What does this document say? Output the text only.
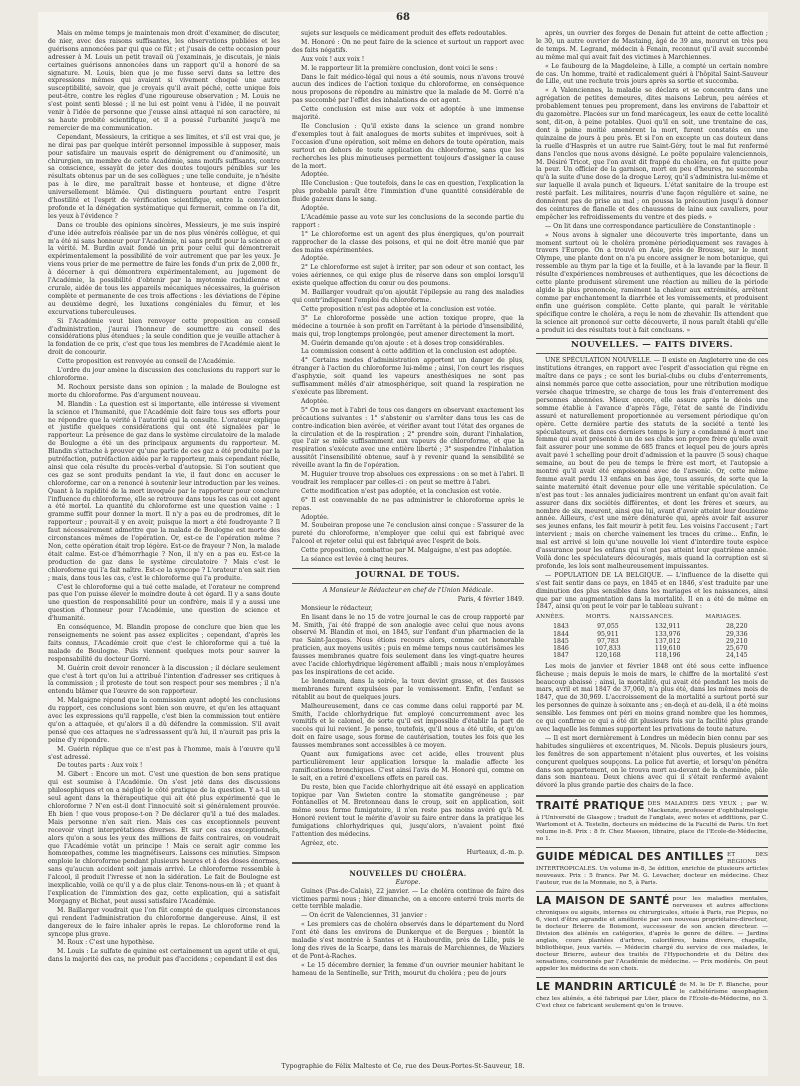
68

Mais en même temps je maintenais mon droit d'examiner, de discuter, de nier, avec des raisons suffisantes, les observations publiées et les guérisons annoncées par qui que ce fût ; et j'usais de cette occasion pour adresser à M. Louis un petit travail où j'examinais, je discutais, je niais certaines guérisons annoncées dans un rapport qu'il a honoré de sa signature. M. Louis, bien que je me fusse servi dans sa lettre des expressions mêmes qui avaient si vivement choqué une autre susceptibilité, savoir, que je croyais qu'il avait péché, cette unique fois peut-être, contre les règles d'une rigoureuse observation ; M. Louis ne s'est point senti blessé ; il ne lui est point venu à l'idée, il ne pouvait venir à l'idée de personne que j'eusse ainsi attaqué ni son caractère, ni sa haute probité scientifique, et il a poussé l'urbanité jusqu'à me remercier de ma communication.

Cependant, Messieurs, la critique a ses limites, et s'il est vrai que, je ne dirai pas par quelque intérêt personnel impossible à supposer, mais pour satisfaire un mauvais esprit de dénigrement ou d'animosité, un chirurgien, un membre de cette Académie, sans motifs suffisants, contre sa conscience, essayât de jeter des doutes toujours pénibles sur les résultats obtenus par un de ses collègues ; une telle conduite, je n'hésite pas à le dire, me paraîtrait basse et honteuse, et digne d'être universellement blâmée. Qui distinguera pourtant entre l'esprit d'hostilité et l'esprit de vérification scientifique, entre la conviction profonde et la dénégation systématique qui fermerait, comme on l'a dit, les yeux à l'évidence ?

Dans ce trouble des opinions sincères, Messieurs, je me suis inspiré d'une idée autrefois réalisée par un de nos plus vénérés collègue, et qui m'a été ni sans honneur pour l'Académie, ni sans profit pour la science et la vérité. M. Burdin avait fondé un prix pour celui qui démontrerait expérimentalement la possibilité de voir autrement que par les yeux. Je viens vous prier de me permettre de faire les fonds d'un prix de 2,000 fr., à décerner à qui démontrera expérimentalement, au jugement de l'Académie, la possibilité d'obtenir par la myotomie rachidienne et crurale, aidée de tous les appareils mécaniques nécessaires, la guérison complète et permanente de ces trois affections : les déviations de l'épine au deuxième degré, les luxations congéniales du fémur, et les excurvations tuberculeuses.

Si l'Académie veut bien renvoyer cette proposition au conseil d'administration, j'aurai l'honneur de soumettre au conseil des considérations plus étendues ; la seule condition que je veuille attacher à la fondation de ce prix, c'est que tous les membres de l'Académie aient le droit de concourir.

Cette proposition est renvoyée au conseil de l'Académie.

L'ordre du jour amène la discussion des conclusions du rapport sur le chloroforme.

M. Rochoux persiste dans son opinion ; la malade de Boulogne est morte du chloroforme. Pas d'argument nouveau.

M. Blandin : La question est si importante, elle intéresse si vivement la science et l'humanité, que l'Académie doit faire tous ses efforts pour ne répondre que la vérité à l'autorité qui la consulte. L'orateur explique et justifie quelques considérations qui ont été signalées par le rapporteur. La présence de gaz dans le système circulatoire de la malade de Boulogne a été un des principaux arguments du rapporteur. M. Blandin s'attache à prouver qu'une partie de ces gaz a été produite par la putréfaction, putréfaction aidée par le rapporteur, mais cependant réelle, ainsi que cela résulte du procès-verbal d'autopsie. Si l'on soutient que ces gaz se sont produits pendant la vie, il faut donc en accuser le chloroforme, car on a renoncé à soutenir leur introduction par les veines. Quant à la rapidité de la mort invoquée par le rapporteur pour conclure l'influence du chloroforme, elle se retrouve dans tous les cas où cet agent a été mortel. La quantité du chloroforme est une question vaine : 1 gramme suffit pour donner la mort. Il n'y a pas eu de prodromes, dit le rapporteur ; pouvait-il y en avoir, puisque la mort a été foudroyante ? Il faut nécessairement admettre que la malade de Boulogne est morte des circonstances mêmes de l'opération. Or, est-ce de l'opération même ? Non, cette opération était trop légère. Est-ce de frayeur ? Non, la malade était calme. Est-ce d'hémorrhagie ? Non, il n'y en a pas eu. Est-ce la production de gaz dans le système circulatoire ? Mais c'est le chloroforme qui l'a fait naître. Est-ce la syncope ? L'orateur n'en sait rien ; mais, dans tous les cas, c'est le chloroforme qui l'a produite.

C'est le chloroforme qui a tué cette malade, et l'orateur ne comprend pas que l'on puisse élever le moindre doute à cet égard. Il y a sans doute une question de responsabilité pour un confrère, mais il y a aussi une question d'honneur pour l'Académie, une question de science et d'humanité.

En conséquence, M. Blandin propose de conclure que bien que les renseignements ne soient pas assez explicites ; cependant, d'après les faits connus, l'Académie croit que c'est le chloroforme qui a tué la malade de Boulogne. Puis viennent quelques mots pour sauver la responsabilité du docteur Gorré.

M. Guérin croit devoir renoncer à la discussion ; il déclare seulement que c'est à tort qu'on lui a attribué l'intention d'adresser ses critiques à la commission ; il proteste de tout son respect pour ses membres ; il n'a entendu blâmer que l'œuvre de son rapporteur.

M. Malgaigne répond que la commission ayant adopté les conclusions du rapport, ces conclusions sont bien son œuvre, et qu'en les attaquant avec les expressions qu'il rappelle, c'est bien la commission tout entière qu'on a attaquée, et qu'alors il a dû défendre la commission. S'il avait pensé que ces attaques ne s'adressassent qu'à lui, il n'aurait pas pris la peine d'y répondre.

M. Guérin réplique que ce n'est pas à l'homme, mais à l'œuvre qu'il s'est adressé.

De toutes parts : Aux voix !

M. Gibert : Encore un mot. C'est une question de bon sens pratique qui est soumise à l'Académie. On s'est jeté dans des discussions philosophiques et on a négligé le côté pratique de la question. Y a-t-il un seul agent dans la thérapeutique qui ait été plus expérimenté que le chloroforme ? N'en est-il dont l'innocuité soit si généralement prouvée. Eh bien ! que vous propose-t-on ? De déclarer qu'il a tué des malades. Mais personne n'en sait rien. Mais ces cas exceptionnels peuvent recevoir vingt interprétations diverses. Et sur ces cas exceptionnels, alors qu'on a sous les yeux des millions de faits contraires, on voudrait que l'Académie votât un principe ! Mais ce serait agir comme les homœopathes, comme les magnétiseurs. Laissons ces minuties. Simpson emploie le chloroforme pendant plusieurs heures et à des doses énormes, sans qu'aucun accident soit jamais arrivé. Le chloroforme ressemble à l'alcool, il produit l'ivresse et non la sidération. Le fait de Boulogne est inexplicable, voilà ce qu'il y a de plus clair. Tenons-nous-en là ; et quant à l'explication de l'immixtion des gaz, cette explication, qui a satisfait Morgagny et Bichat, peut aussi satisfaire l'Académie.

M. Baillarger voudrait que l'on fût compté de quelques circonstances qui rendent l'administration du chloroforme dangereuse. Ainsi, il est dangereux de le faire inhaler après le repas. Le chloroforme rend la syncope plus grave.

M. Roux : C'est une hypothèse.

M. Louis : Le sulfate de quinine est certainement un agent utile et qui, dans la majorité des cas, ne produit pas d'accidens ; cependant il est des

sujets sur lesquels ce médicament produit des effets redoutables.

M. Honoré : On ne peut faire de la science et surtout un rapport avec des faits négatifs.

Aux voix ! aux voix !

M. le rapporteur lit la première conclusion, dont voici le sens :

Dans le fait médico-légal qui nous a été soumis, nous n'avons trouvé aucun des indices de l'action toxique du chloroforme, en conséquence nous proposons de répondre au ministre que la malade de M. Gorré n'a pas succombé par l'effet des inhalations de cet agent.

Cette conclusion est mise aux voix et adoptée à une immense majorité.

IIe Conclusion : Qu'il existe dans la science un grand nombre d'exemples tout à fait analogues de morts subites et imprévues, soit à l'occasion d'une opération, soit même en dehors de toute opération, mais surtout en dehors de toute application du chloroforme, sans que les recherches les plus minutieuses permettent toujours d'assigner la cause de la mort.

Adoptée.

IIIe Conclusion : Que toutefois, dans le cas en question, l'explication la plus probable paraît être l'immixtion d'une quantité considérable de fluide gazeux dans le sang.

Adoptée.

L'Académie passe au vote sur les conclusions de la seconde partie du rapport :

1° Le chloroforme est un agent des plus énergiques, qu'on pourrait rapprocher de la classe des poisons, et qui ne doit être manié que par des mains expérimentées.

Adoptée.

2° Le chloroforme est sujet à irriter, par son odeur et son contact, les voies aériennes, ce qui exige plus de réserve dans son emploi lorsqu'il existe quelque affection du cœur ou des poumons.

M. Baillarger voudrait qu'on ajoutât l'épilepsie au rang des maladies qui contr'indiquent l'emploi du chloroforme.

Cette proposition n'est pas adoptée et la conclusion est votée.

3° Le chloroforme possède une action toxique propre, que la médecine a tournée à son profit en l'arrêtant à la période d'insensibilité, mais qui, trop longtemps prolongée, peut amener directement la mort.

M. Guérin demande qu'on ajoute : et à doses trop considérables.

La commission consent à cette addition et la conclusion est adoptée.

4° Certains modes d'administration apportent un danger de plus, étranger à l'action du chloroforme lui-même ; ainsi, l'on court les risques d'asphyxie, soit quand les vapeurs anesthésiques ne sont pas suffisamment mêlés d'air atmosphérique, soit quand la respiration ne s'exécute pas librement.

Adoptée.

5° On se met à l'abri de tous ces dangers en observant exactement les précautions suivantes : 1° s'abstenir ou s'arrêter dans tous les cas de contre-indication bien avérée, et vérifier avant tout l'état des organes de la circulation et de la respiration ; 2° prendre soin, durant l'inhalation, que l'air se mêle suffisamment aux vapeurs de chloroforme, et que la respiration s'exécute avec une entière liberté ; 3° suspendre l'inhalation aussitôt l'insensibilité obtenue, sauf à y revenir quand la sensibilité se réveille avant la fin de l'opération.

M. Huguier trouve trop absolues ces expressions : on se met à l'abri. Il voudrait les remplacer par celles-ci : on peut se mettre à l'abri.

Cette modification n'est pas adoptée, et la conclusion est votée.

6° Il est convenable de ne pas administrer le chloroforme après le repas.

Adoptée.

M. Soubeiran propose une 7e conclusion ainsi conçue : S'assurer de la pureté du chloroforme, n'employer que celui qui est fabriqué avec l'alcool et rejeter celui qui est fabriqué avec l'esprit de bois.

Cette proposition, combattue par M. Malgaigne, n'est pas adoptée.

La séance est levée à cinq heures.

JOURNAL DE TOUS.

A Monsieur le Rédacteur en chef de l'Union Médicale.

Paris, 4 février 1849.

Monsieur le rédacteur,

En lisant dans le no 15 de votre journal le cas de croup rapporté par M. Smith, j'ai été frappé de son analogie avec celui que nous avons observé M. Blandin et moi, en 1845, sur l'enfant d'un pharmacien de la rue Saint-Jacques. Nous étions recours alors, comme cet honorable praticien, aux moyens usités ; puis en même temps nous cautérisâmes les fausses membranes quatre fois seulement dans les vingt-quatre heures avec l'acide chlorhydrique légèrement affaibli ; mais nous n'employâmes pas les inspirations de cet acide.

Le lendemain, dans la soirée, la toux devint grasse, et des fausses membranes furent expulsées par le vomissement. Enfin, l'enfant se rétablit au bout de quelques jours.

Malheureusement, dans ce cas comme dans celui rapporté par M. Smith, l'acide chlorhydrique fut employé concurremment avec les vomitifs et le calomel, de sorte qu'il est impossible d'établir la part de succès qui lui revient. Je pense, toutefois, qu'il nous a été utile, et qu'on doit en faire usage, sous forme de cautérisation, toutes les fois que les fausses membranes sont accessibles à ce moyen.

Quant aux fumigations avec cet acide, elles trouvent plus particulièrement leur application lorsque la maladie affecte les ramifications bronchiques. C'est ainsi l'avis de M. Honoré qui, comme on le sait, en a retiré d'excellens effets en pareil cas.

Du reste, bien que l'acide chlorhydrique ait été essayé en application topique par Van Swieten contre la stomatite gangréneuse ; par Fontanelles et M. Bretonneau dans le croup, soit en application, soit même sous forme fumigatoire, il n'en reste pas moins avéré qu'à M. Honoré revient tout le mérite d'avoir su faire entrer dans la pratique les fumigations chlorhydriques qui, jusqu'alors, n'avaient point fixé l'attention des médecins.

Agréez, etc.

Hurteaux, d.-m. p.

NOUVELLES DU CHOLÉRA.

Europe.

Guines (Pas-de-Calais), 22 janvier. — Le choléra continue de faire des victimes parmi nous ; hier dimanche, on a encore enterré trois morts de cette terrible maladie.

— On écrit de Valenciennes, 31 janvier :

« Les premiers cas de choléra observés dans le département du Nord l'ont été dans les environs de Dunkerque et de Bergues ; bientôt la maladie s'est montrée à Santes et à Haubourdin, près de Lille, puis le long des rives de la Scarpe, dans les marais de Marchiennes, de Waziers et de Pont-à-Raches.

« Le 15 décembre dernier, la femme d'un ouvrier meunier habitant le hameau de la Sentinelle, sur Trith, mourut du choléra ; peu de jours

après, un ouvrier des forges de Denain fut atteint de cette affection ; le 30, un autre ouvrier de Mastaing, âgé de 39 ans, mourut en très peu de temps. M. Legrand, médecin à Fenain, reconnut qu'il avait succombé au même mal qui avait fait des victimes à Marchiennes.

« Le faubourg de la Magdeleine, à Lille, a compté un certain nombre de cas. Un homme, traité et radicalement guéri à l'hôpital Saint-Sauveur de Lille, eut une rechute trois jours après sa sortie et succomba.

« A Valenciennes, la maladie se déclara et se concentra dans une agrégation de petites demeures, dites maisons Lebrun, peu aérées et probablement tenues peu proprement, dans les environs de l'abattoir et du gazomètre. Placées sur un fond marécageux, les eaux de cette localité sont, dit-on, à peine potables. Quoi qu'il en soit, une trentaine de cas, dont à peine moitié amenèrent la mort, furent constatés en une quinzaine de jours à peu près. Et si l'on en excepte un cas douteux dans la ruelle d'Hasprès et un autre rue Saint-Géry, tout le mal fut renfermé dans l'enclos que nous avons désigné. Le poëte populaire valenciennois, M. Désiré Tricot, que l'on avait dit frappé du choléra, en fut quitte pour la peur. Un officier de la garnison, mort en peu d'heures, ne succomba qu'à la suite d'une dose de la drogue Leroy, qu'il s'administra lui-même et sur laquelle il avala punch et liqueurs. L'état sanitaire de la troupe est resté parfait. Les militaires, nourris d'une façon régulière et saine, ne donnèrent pas de prise au mal ; on poussa la précaution jusqu'à donner des ceintures de flanelle et des chaussons de laine aux cavaliers, pour empêcher les refroidissements du ventre et des pieds. »

— On lit dans une correspondance particulière de Constantinople :

« Nous avons à signaler une découverte très importante, dans un moment surtout où le choléra promène périodiquement ses ravages à travers l'Europe. On a trouvé en Asie, près de Brousse, sur le mont Olympe, une plante dont on n'a pu encore assigner le nom botanique, qui ressemble au thym par la tige et la feuille, et à la lavande par la fleur. Il résulte d'expériences nombreuses et authentiques, que les décoctions de cette plante produisent sûrement une réaction au milieu de la période algide la plus prononcée, ramènent la chaleur aux extrémités, arrêtent comme par enchantement la diarrhée et les vomissements, et produisent enfin une guérison complète. Cette plante, qui paraît le véritable spécifique contre le choléra, a reçu le nom de zhevahir. Ils attendent que la science ait prononcé sur cette découverte, il nous paraît établi qu'elle a produit ici des résultats tout à fait concluans. »

NOUVELLES. — FAITS DIVERS.

UNE SPÉCULATION NOUVELLE. — Il existe en Angleterre une de ces institutions étranges, en rapport avec l'esprit d'association qui règne en maître dans ce pays ; ce sont les burial-clubs ou clubs d'enterrements, ainsi nommés parce que cette association, pour une rétribution modique versée chaque trimestre, se charge de tous les frais d'enterrement des personnes abonnées. Mieux encore, elle assure après le décès une somme établie à l'avance d'après l'âge, l'état de santé de l'individu assuré et naturellement proportionnée au versement périodique qu'on opère. Cette dernière partie des statuts de la société a tenté les spéculateurs, et dans ces derniers temps le jury a condamné à mort une femme qui avait présenté à un de ses clubs son propre frère qu'elle avait fait assurer pour une somme de 685 francs et lequel peu de jours après avait pavé 1 schelling pour droit d'admission et la pauvre (5 sous) chaque semaine, au bout de peu de temps le frère est mort, et l'autopsie a montré qu'il avait été empoisonné avec de l'arsenic. Or, cette même femme avait perdu 13 enfans en bas âge, tous assurés, de sorte que la sainte maternité était devenue pour elle une véritable spéculation. Ce n'est pas tout : les annales judiciaires montrent un enfant qu'on avait fait assurer dans dix sociétés différentes, et dont les frères et sœurs, au nombre de six, meurent, ainsi que lui, avant d'avoir atteint leur douzième année. Ailleurs, c'est une mère dénaturée qui, après avoir fait assurer ses jeunes enfans, les fait mourir à petit feu. Les voisins l'accusent ; l'art intervient ; mais on cherche vainement les traces du crime... Enfin, le mal est arrivé si loin qu'une nouvelle loi vient d'interdire toute espèce d'assurance pour les enfans qui n'ont pas atteint leur quatrième année. Voilà donc les spéculateurs découragés, mais quand la corruption est si profonde, les lois sont malheureusement impuissantes.

— POPULATION DE LA BELGIQUE. — L'influence de la disette qui s'est fait sentir dans ce pays, en 1845 et en 1846, s'est traduite par une diminution des plus sensibles dans les mariages et les naissances, ainsi que par une augmentation dans la mortalité. Il en a été de même en 1847, ainsi qu'on peut le voir par le tableau suivant :

ANNÉES.	MORTS.	NAISSANCES.	MARIAGES.
1843	97,055	132,911	28,220
1844	95,911	133,976	29,336
1845	97,783	137,012	29,210
1846	107,833	119,610	25,670
1847	120,168	118,196	24,145

Les mois de janvier et février 1848 ont été sous cette influence fâcheuse ; mais depuis le mois de mars, le chiffre de la mortalité s'est beaucoup abaissé ; ainsi, la mortalité, qui avait été pendant les mois de mars, avril et mai 1847 de 37,060, n'a plus été, dans les mêmes mois de 1847, que de 30,969. L'accroissement de la mortalité a surtout porté sur les personnes de quinze à soixante ans ; en-deçà et au-delà, il a été moins sensible. Les femmes ont péri en moins grand nombre que les hommes, ce qui confirme ce qui a été dit plusieurs fois sur la facilité plus grande avec laquelle les femmes supportent les privations de toute nature.

— Il est mort dernièrement à Londres un médecin bien connu par ses habitudes singulières et excentriques, M. Nicols. Depuis plusieurs jours, les fenêtres de son appartement n'étaient plus ouvertes, et les voisins conçurent quelques soupçons. La police fut avertie, et lorsqu'on pénétra dans son appartement, on le trouva mort au-devant de la cheminée, pâle dans son manteau. Deux chiens avec qui il s'était renfermé avaient dévoré la plus grande partie des chairs de la face.

TRAITÉ PRATIQUE DES MALADIES DES YEUX ; par W. Mackenzie, professeur d'ophthalmologie à l'Université de Glasgow ; traduit de l'anglais, avec notes et additions, par C. Warlomont et A. Testelin, docteurs en médecine de la Faculté de Paris. Un fort volume in-8. Prix : 8 fr. Chez Masson, libraire, place de l'Ecole-de-Médecine, no 1.
GUIDE MÉDICAL DES ANTILLES ET DES RÉGIONS INTERTROPICALES. Un volume in-8, 3e édition, enrichie de plusieurs articles nouveaux. Prix : 5 francs. Par M. G. Levacher, docteur en médecine. Chez l'auteur, rue de la Monnaie, no 5, à Paris.
LA MAISON DE SANTÉ pour les maladies mentales, nerveuses et autres affections chroniques ou aiguës, internes ou chirurgicales, située à Paris, rue Picpus, no 6, vient d'être agrandie et améliorée par son nouveau propriétaire-directeur, le docteur Brierre de Boismont, successeur de son ancien directeur. — Division des aliénés en catégories, d'après le genre de délire. — Jardins anglais, cours plantées d'arbres, calorifères, bains divers, chapelle, bibliothèque, jeux variés. — Médecin chargé du service de ces malades, le docteur Brierre, auteur des traités de l'Hypochondrie et du Délire des sensations, couronnés par l'Académie de médecine. — Prix modérés. On peut appeler les médecins de son choix.
LE MANDRIN ARTICULÉ de M. le Dr F. Blanche, pour le cathétérisme œsophagien chez les aliénés, a été fabriqué par Lüer, place de l'Ecole-de-Médecine, no 3. C'est chez ce fabricant seulement qu'on le trouve.
Typographie de Félix Malteste et Ce, rue des Deux-Portes-St-Sauveur, 18.
